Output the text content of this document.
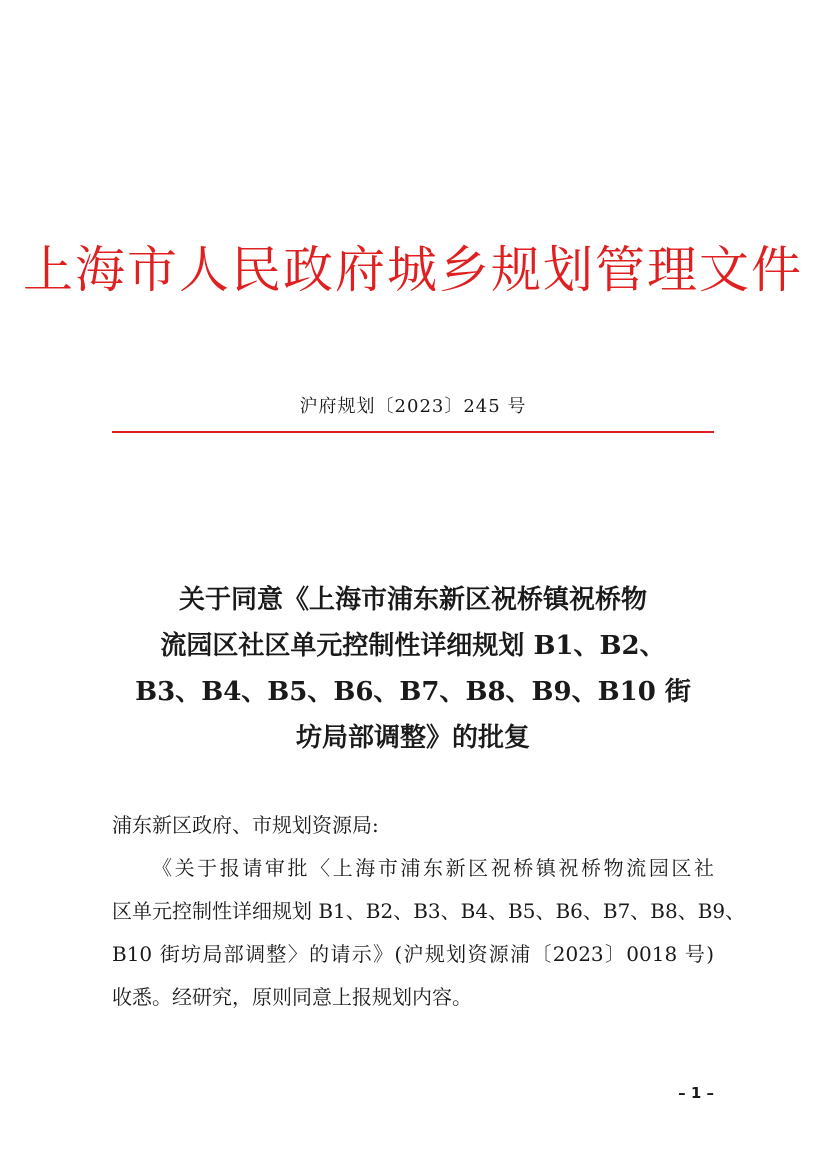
上海市人民政府城乡规划管理文件
沪府规划〔2023〕245 号
关于同意《上海市浦东新区祝桥镇祝桥物
流园区社区单元控制性详细规划 B1、B2、
B3、B4、B5、B6、B7、B8、B9、B10 街
坊局部调整》的批复
浦东新区政府、市规划资源局:
《关于报请审批〈上海市浦东新区祝桥镇祝桥物流园区社
区单元控制性详细规划 B1、B2、B3、B4、B5、B6、B7、B8、B9、
B10 街坊局部调整〉的请示》(沪规划资源浦〔2023〕0018 号)
收悉。经研究，原则同意上报规划内容。
– 1 –
